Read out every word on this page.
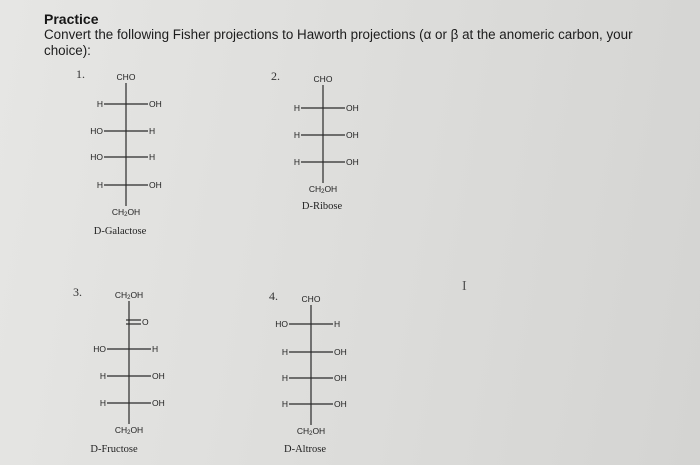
Practice
Convert the following Fisher projections to Haworth projections (α or β at the anomeric carbon, your choice):
1.	CHO
H	OH
HO	H
HO	H
H	OH
$CH_2OH$
D-Galactose
2.	CHO
H	OH
H	OH
H	OH
$CH_2OH$
D-Ribose
3.	$CH_2OH$
O
HO	H
H	OH
H	OH
$CH_2OH$
D-Fructose
4.	CHO
HO	H
H	OH
H	OH
H	OH
$CH_2OH$
D-Altrose
I
